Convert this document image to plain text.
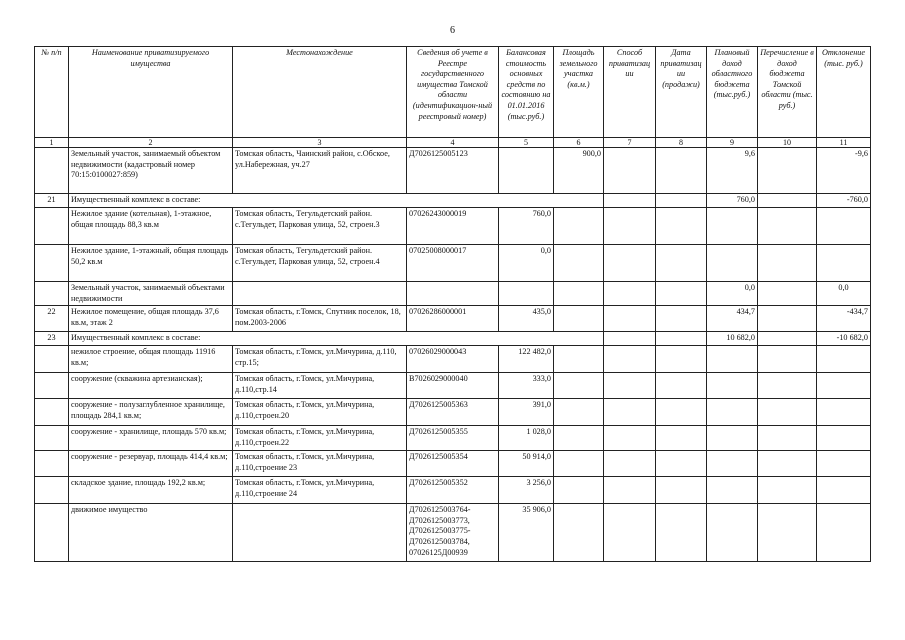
6
№ п/п	Наименование приватизируемого имущества	Местонахождение	Сведения об учете в Реестре государственного имущества Томской области (идентификацион-ный реестровый номер)	Балансовая стоимость основных средств по состоянию на 01.01.2016 (тыс.руб.)	Площадь земельного участка (кв.м.)	Способ приватизац ии	Дата приватизац ии (продажи)	Плановый доход областного бюджета (тыс.руб.)	Перечисление в доход бюджета Томской области (тыс. руб.)	Отклонение (тыс. руб.)
1	2	3	4	5	6	7	8	9	10	11
	Земельный участок, занимаемый объектом недвижимости (кадастровый номер 70:15:0100027:859)	Томская область, Чаинский район, с.Обское, ул.Набережная, уч.27	Д7026125005123		900,0			9,6		-9,6
21	Имущественный комплекс в составе:							760,0		-760,0
	Нежилое здание (котельная), 1-этажное, общая площадь 88,3 кв.м	Томская область, Тегульдетский район. с.Тегульдет, Парковая улица, 52, строен.3	07026243000019	760,0						
	Нежилое здание, 1-этажный, общая площадь 50,2 кв.м	Томская область, Тегульдетский район. с.Тегульдет, Парковая улица, 52, строен.4	07025008000017	0,0						
	Земельный участок, занимаемый объектами недвижимости							0,0		0,0
22	Нежилое помещение, общая площадь 37,6 кв.м, этаж 2	Томская область, г.Томск, Спутник поселок, 18, пом.2003-2006	07026286000001	435,0				434,7		-434,7
23	Имущественный комплекс в составе:							10 682,0		-10 682,0
	нежилое строение, общая площадь 11916 кв.м;	Томская область, г.Томск, ул.Мичурина, д.110, стр.15;	07026029000043	122 482,0						
	сооружение (скважина артезианская);	Томская область, г.Томск, ул.Мичурина, д.110,стр.14	В7026029000040	333,0						
	сооружение - полузаглубленное хранилище, площадь 284,1 кв.м;	Томская область, г.Томск, ул.Мичурина, д.110,строен.20	Д7026125005363	391,0						
	сооружение - хранилище, площадь 570 кв.м;	Томская область, г.Томск, ул.Мичурина, д.110,строен.22	Д7026125005355	1 028,0						
	сооружение - резервуар, площадь 414,4 кв.м;	Томская область, г.Томск, ул.Мичурина, д.110,строение 23	Д7026125005354	50 914,0						
	складское здание, площадь 192,2 кв.м;	Томская область, г.Томск, ул.Мичурина, д.110,строение 24	Д7026125005352	3 256,0						
	движимое имущество		Д7026125003764- Д7026125003773, Д7026125003775- Д7026125003784, 07026125Д00939	35 906,0						
